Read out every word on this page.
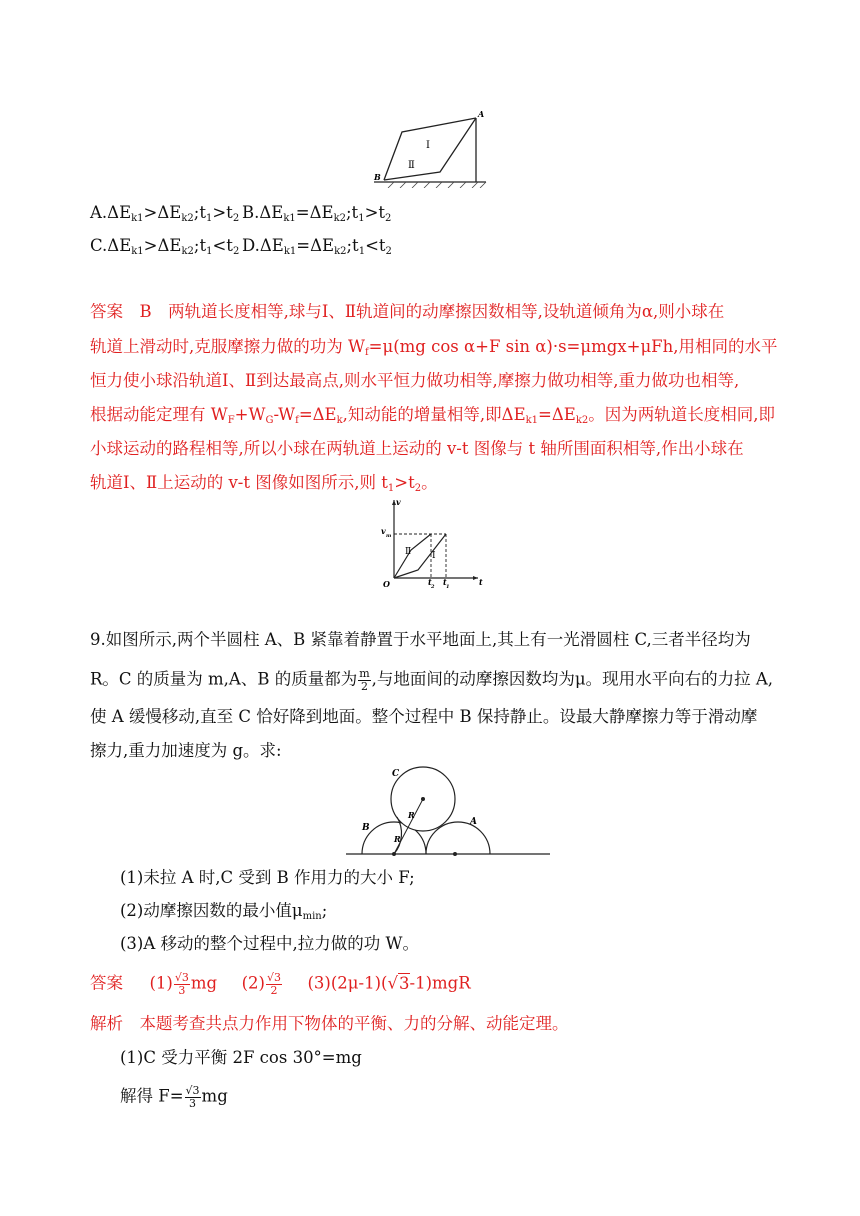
A
B
Ⅰ
Ⅱ
$A.\Delta E_{k1}>\Delta E_{k2};t_1>t_2$ $B.\Delta E_{k1}=\Delta E_{k2};t_1>t_2$
$C.\Delta E_{k1}>\Delta E_{k2};t_1<t_2$ $D.\Delta E_{k1}=\Delta E_{k2};t_1<t_2$
答案　B　两轨道长度相等,球与Ⅰ、Ⅱ轨道间的动摩擦因数相等,设轨道倾角为α,则小球在
轨道上滑动时,克服摩擦力做的功为 $W_f=\mu(mg$ cos α+F sin α)·s=μmgx+μFh,用相同的水平
恒力使小球沿轨道Ⅰ、Ⅱ到达最高点,则水平恒力做功相等,摩擦力做功相等,重力做功也相等,
根据动能定理有 $W_F+W_G-W_f=\Delta E_k$,知动能的增量相等,即$\Delta E_{k1}=\Delta E_{k2}$。因为两轨道长度相同,即
小球运动的路程相等,所以小球在两轨道上运动的 v-t 图像与 t 轴所围面积相等,作出小球在
轨道Ⅰ、Ⅱ上运动的 v-t 图像如图所示,则 $t_1>t_2$。
v
t
O
v m
t 2 t 1
Ⅰ
Ⅱ
9.如图所示,两个半圆柱 A、B 紧靠着静置于水平地面上,其上有一光滑圆柱 C,三者半径均为
R。C 的质量为 m,A、B 的质量都为 $\frac{m}{2}$ ,与地面间的动摩擦因数均为μ。现用水平向右的力拉 A,
使 A 缓慢移动,直至 C 恰好降到地面。整个过程中 B 保持静止。设最大静摩擦力等于滑动摩
擦力,重力加速度为 g。求:
C
B
A
R
R
(1)未拉 A 时,C 受到 B 作用力的大小 F;
(2)动摩擦因数的最小值$\mu_{min}$;
(3)A 移动的整个过程中,拉力做的功 W。
答案 $(1) \frac{√3}{3}$ mg $(2) \frac{√3}{2} (3)(2\mu-1)(√3-1)mgR$
解析　本题考查共点力作用下物体的平衡、力的分解、动能定理。
(1)C 受力平衡 2F cos 30°=mg
解得 $F= \frac{√3}{3}$ mg
